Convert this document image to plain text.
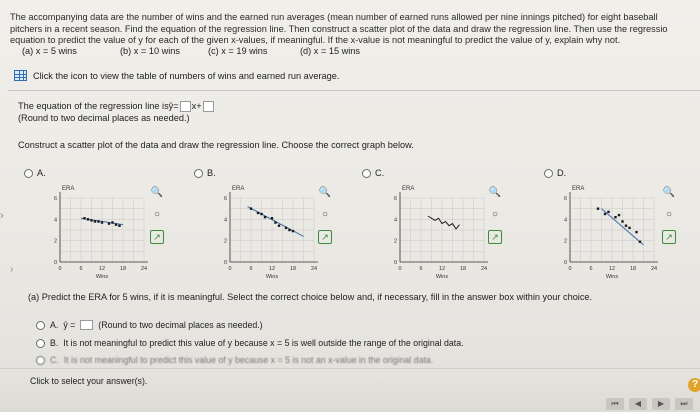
The accompanying data are the number of wins and the earned run averages (mean number of earned runs allowed per nine innings pitched) for eight baseball

pitchers in a recent season. Find the equation of the regression line. Then construct a scatter plot of the data and draw the regression line. Then use the regressio

equation to predict the value of y for each of the given x-values, if meaningful. If the x-value is not meaningful to predict the value of y, explain why not.

(a) x = 5 wins	(b) x = 10 wins	(c) x = 19 wins	(d) x = 15 wins
Click the icon to view the table of numbers of wins and earned run average.
The equation of the regression line is ŷ = x+
(Round to two decimal places as needed.)
Construct a scatter plot of the data and draw the regression line. Choose the correct graph below.
A.	B.	C.	D.
ERA
Wins
6
4
2
0
0	6	12	18	24
ERA
Wins
6
4
2
0
0	6	12	18	24
ERA
Wins
6
4
2
0
0	6	12	18	24
ERA
Wins
6
4
2
0
0	6	12	18	24
🔍
○
↗
🔍
○
↗
🔍
○
↗
🔍
○
↗
(a) Predict the ERA for 5 wins, if it is meaningful. Select the correct choice below and, if necessary, fill in the answer box within your choice.
A. ŷ =	(Round to two decimal places as needed.)
B. It is not meaningful to predict this value of y because x = 5 is well outside the range of the original data.
C. It is not meaningful to predict this value of y because x = 5 is not an x-value in the original data.
Click to select your answer(s).	?
›
›
⏮	◀	▶	⏭
